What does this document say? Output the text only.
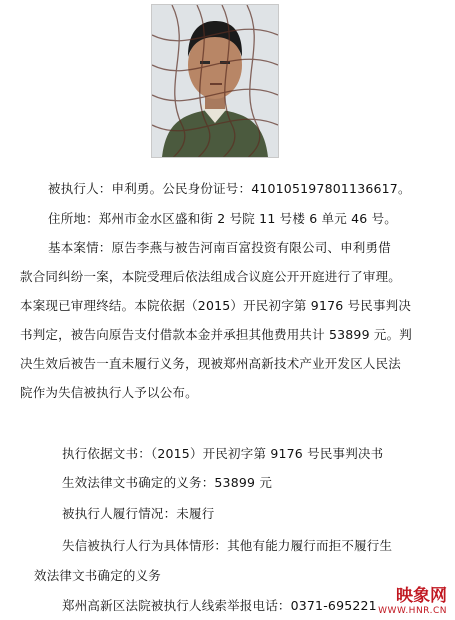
被执行人：申利勇。公民身份证号：410105197801136617。
住所地：郑州市金水区盛和街 2 号院 11 号楼 6 单元 46 号。
基本案情：原告李燕与被告河南百富投资有限公司、申利勇借
款合同纠纷一案，本院受理后依法组成合议庭公开开庭进行了审理。
本案现已审理终结。本院依据（2015）开民初字第 9176 号民事判决
书判定，被告向原告支付借款本金并承担其他费用共计 53899 元。判
决生效后被告一直未履行义务，现被郑州高新技术产业开发区人民法
院作为失信被执行人予以公布。
执行依据文书：（2015）开民初字第 9176 号民事判决书
生效法律文书确定的义务：53899 元
被执行人履行情况：未履行
失信被执行人行为具体情形：其他有能力履行而拒不履行生
效法律文书确定的义务
郑州高新区法院被执行人线索举报电话：0371-695221	映象网
WWW.HNR.CN
